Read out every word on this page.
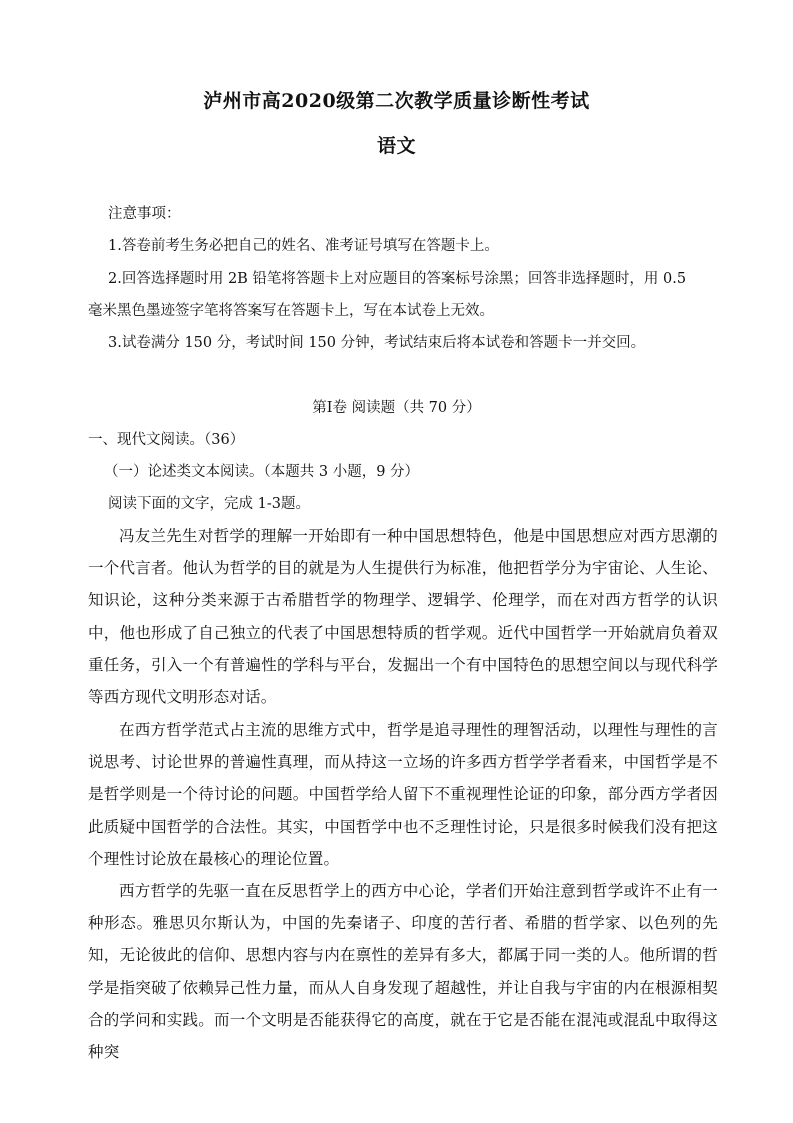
泸州市高2020级第二次教学质量诊断性考试
语文
注意事项：
1.答卷前考生务必把自己的姓名、准考证号填写在答题卡上。
2.回答选择题时用 2B 铅笔将答题卡上对应题目的答案标号涂黑；回答非选择题时，用 0.5
毫米黑色墨迹签字笔将答案写在答题卡上，写在本试卷上无效。
3.试卷满分 150 分，考试时间 150 分钟，考试结束后将本试卷和答题卡一并交回。
第Ⅰ卷 阅读题（共 70 分）
一、现代文阅读。（36）
（一）论述类文本阅读。（本题共 3 小题，9 分）
阅读下面的文字，完成 1-3题。
冯友兰先生对哲学的理解一开始即有一种中国思想特色，他是中国思想应对西方思潮的一个代言者。他认为哲学的目的就是为人生提供行为标准，他把哲学分为宇宙论、人生论、知识论，这种分类来源于古希腊哲学的物理学、逻辑学、伦理学，而在对西方哲学的认识中，他也形成了自己独立的代表了中国思想特质的哲学观。近代中国哲学一开始就肩负着双重任务，引入一个有普遍性的学科与平台，发掘出一个有中国特色的思想空间以与现代科学等西方现代文明形态对话。
在西方哲学范式占主流的思维方式中，哲学是追寻理性的理智活动，以理性与理性的言说思考、讨论世界的普遍性真理，而从持这一立场的许多西方哲学学者看来，中国哲学是不是哲学则是一个待讨论的问题。中国哲学给人留下不重视理性论证的印象，部分西方学者因此质疑中国哲学的合法性。其实，中国哲学中也不乏理性讨论，只是很多时候我们没有把这个理性讨论放在最核心的理论位置。
西方哲学的先驱一直在反思哲学上的西方中心论，学者们开始注意到哲学或许不止有一种形态。雅思贝尔斯认为，中国的先秦诸子、印度的苦行者、希腊的哲学家、以色列的先知，无论彼此的信仰、思想内容与内在禀性的差异有多大，都属于同一类的人。他所谓的哲学是指突破了依赖异己性力量，而从人自身发现了超越性，并让自我与宇宙的内在根源相契合的学问和实践。而一个文明是否能获得它的高度，就在于它是否能在混沌或混乱中取得这种突
